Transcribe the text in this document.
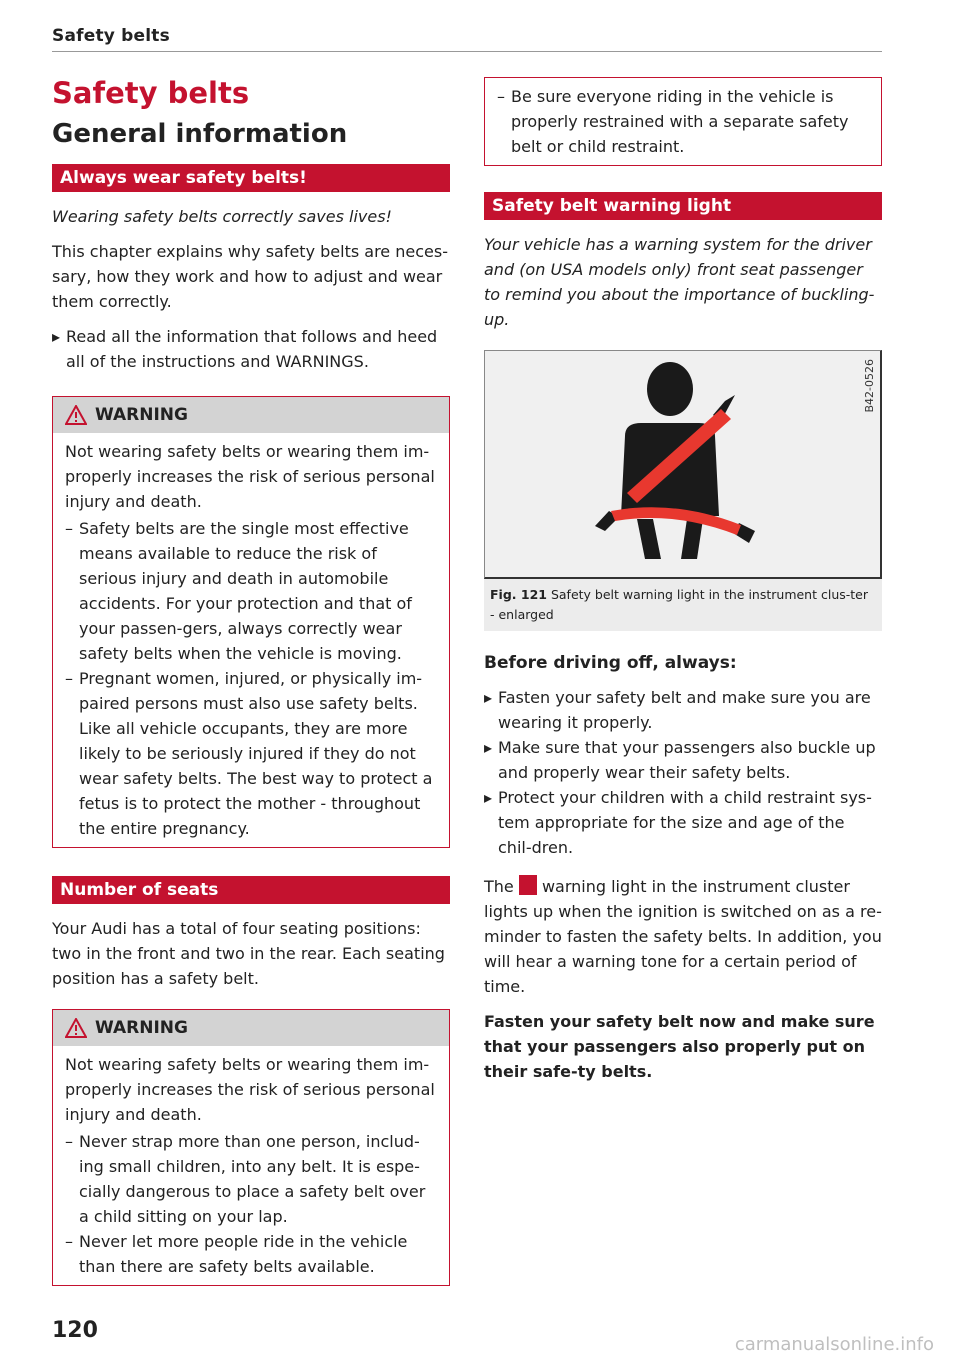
Safety belts
Safety belts
General information
Always wear safety belts!

Wearing safety belts correctly saves lives!

This chapter explains why safety belts are neces-sary, how they work and how to adjust and wear them correctly.

▸ Read all the information that follows and heed all of the instructions and WARNINGS.
WARNING

Not wearing safety belts or wearing them im-properly increases the risk of serious personal injury and death.

– Safety belts are the single most effective means available to reduce the risk of serious injury and death in automobile accidents. For your protection and that of your passen-gers, always correctly wear safety belts when the vehicle is moving.
– Pregnant women, injured, or physically im-paired persons must also use safety belts. Like all vehicle occupants, they are more likely to be seriously injured if they do not wear safety belts. The best way to protect a fetus is to protect the mother - throughout the entire pregnancy.
Number of seats

Your Audi has a total of four seating positions: two in the front and two in the rear. Each seating position has a safety belt.

WARNING

Not wearing safety belts or wearing them im-properly increases the risk of serious personal injury and death.

– Never strap more than one person, includ-ing small children, into any belt. It is espe-cially dangerous to place a safety belt over a child sitting on your lap.
– Never let more people ride in the vehicle than there are safety belts available.
– Be sure everyone riding in the vehicle is properly restrained with a separate safety belt or child restraint.
Safety belt warning light

Your vehicle has a warning system for the driver and (on USA models only) front seat passenger to remind you about the importance of buckling-up.

B42-0526
Fig. 121 Safety belt warning light in the instrument clus-ter - enlarged
Before driving off, always:
▸ Fasten your safety belt and make sure you are wearing it properly.
▸ Make sure that your passengers also buckle up and properly wear their safety belts.
▸ Protect your children with a child restraint sys-tem appropriate for the size and age of the chil-dren.

The warning light in the instrument cluster lights up when the ignition is switched on as a re-minder to fasten the safety belts. In addition, you will hear a warning tone for a certain period of time.

Fasten your safety belt now and make sure that your passengers also properly put on their safe-ty belts.

120
carmanualsonline.info
